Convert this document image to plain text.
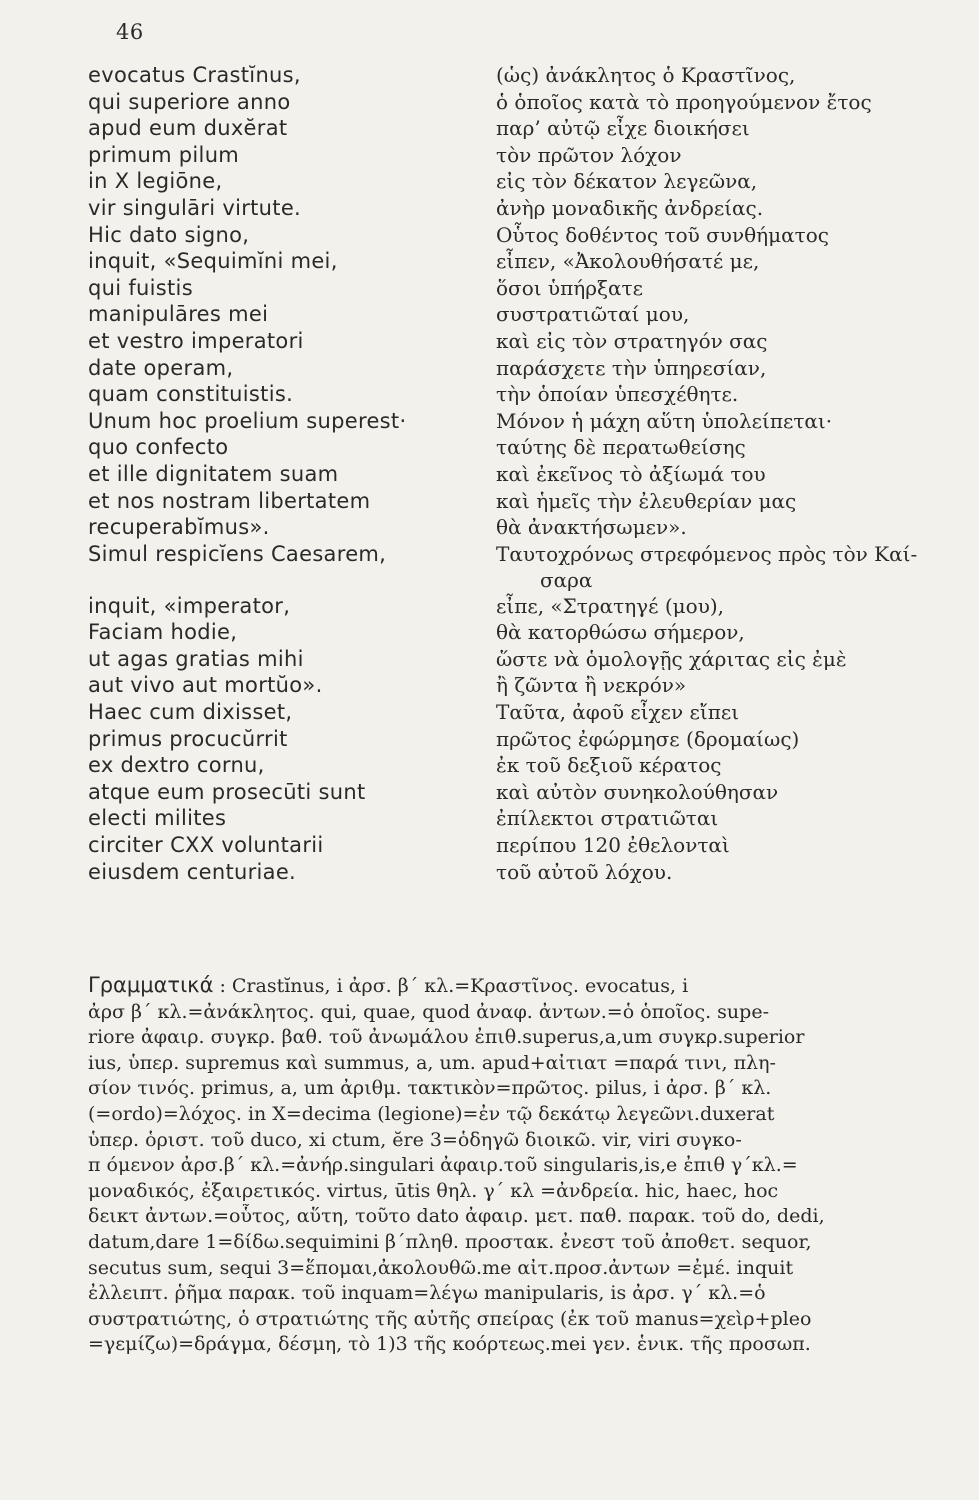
46
evocatus Crastĭnus,	(ὡς) ἀνάκλητος ὁ Κραστῖνος,
qui superiore anno	ὁ ὁποῖος κατὰ τὸ προηγούμενον ἔτος
apud eum duxĕrat	παρ’ αὐτῷ εἶχε διοικήσει
primum pilum	τὸν πρῶτον λόχον
in X legiōne,	εἰς τὸν δέκατον λεγεῶνα,
vir singulāri virtute.	ἀνὴρ μοναδικῆς ἀνδρείας.
Hic dato signo,	Οὗτος δοθέντος τοῦ συνθήματος
inquit, «Sequimĭni mei,	εἶπεν, «Ἀκολουθήσατέ με,
qui fuistis	ὅσοι ὑπήρξατε
manipulāres mei	συστρατιῶταί μου,
et vestro imperatori	καὶ εἰς τὸν στρατηγόν σας
date operam,	παράσχετε τὴν ὑπηρεσίαν,
quam constituistis.	τὴν ὁποίαν ὑπεσχέθητε.
Unum hoc proelium superest·	Μόνον ἡ μάχη αὕτη ὑπολείπεται·
quo confecto	ταύτης δὲ περατωθείσης
et ille dignitatem suam	καὶ ἐκεῖνος τὸ ἀξίωμά του
et nos nostram libertatem	καὶ ἡμεῖς τὴν ἐλευθερίαν μας
recuperabĭmus».	θὰ ἀνακτήσωμεν».
Simul respicĭens Caesarem,	Ταυτοχρόνως στρεφόμενος πρὸς τὸν Καί-
σαρα
inquit, «imperator,	εἶπε, «Στρατηγέ (μου),
Faciam hodie,	θὰ κατορθώσω σήμερον,
ut agas gratias mihi	ὥστε νὰ ὁμολογῇς χάριτας εἰς ἐμὲ
aut vivo aut mortŭo».	ἢ ζῶντα ἢ νεκρόν»
Haec cum dixisset,	Ταῦτα, ἀφοῦ εἶχεν εἴπει
primus procucŭrrit	πρῶτος ἐφώρμησε (δρομαίως)
ex dextro cornu,	ἐκ τοῦ δεξιοῦ κέρατος
atque eum prosecūti sunt	καὶ αὐτὸν συνηκολούθησαν
electi milites	ἐπίλεκτοι στρατιῶται
circiter CXX voluntarii	περίπου 120 ἐθελονταὶ
eiusdem centuriae.	τοῦ αὐτοῦ λόχου.
Γραμματικά : Crastĭnus, i ἀρσ. β΄ κλ.=Κραστῖνος. evocatus, i
ἀρσ β΄ κλ.=ἀνάκλητος. qui, quae, quod ἀναφ. ἀντων.=ὁ ὁποῖος. supe-
riore ἀφαιρ. συγκρ. βαθ. τοῦ ἀνωμάλου ἐπιθ.superus,a,um συγκρ.superior
ius, ὑπερ. supremus καὶ summus, a, um. apud+αἰτιατ =παρά τινι, πλη-
σίον τινός. primus, a, um ἀριθμ. τακτικὸν=πρῶτος. pilus, i ἀρσ. β΄ κλ.
(=ordo)=λόχος. in X=decima (legione)=ἐν τῷ δεκάτῳ λεγεῶνι.duxerat
ὑπερ. ὁριστ. τοῦ duco, xi ctum, ĕre 3=ὁδηγῶ διοικῶ. vir, viri συγκο-
π όμενον ἀρσ.β΄ κλ.=ἀνήρ.singulari ἀφαιρ.τοῦ singularis,is,e ἐπιθ γ΄κλ.=
μοναδικός, ἐξαιρετικός. virtus, ūtis θηλ. γ΄ κλ =ἀνδρεία. hic, haec, hoc
δεικτ ἀντων.=οὗτος, αὕτη, τοῦτο dato ἀφαιρ. μετ. παθ. παρακ. τοῦ do, dedi,
datum,dare 1=δίδω.sequimini β΄πληθ. προστακ. ἐνεστ τοῦ ἀποθετ. sequor,
secutus sum, sequi 3=ἕπομαι,ἀκολουθῶ.me αἰτ.προσ.ἀντων =ἐμέ. inquit
ἐλλειπτ. ῥῆμα παρακ. τοῦ inquam=λέγω manipularis, is ἀρσ. γ΄ κλ.=ὁ
συστρατιώτης, ὁ στρατιώτης τῆς αὐτῆς σπείρας (ἐκ τοῦ manus=χεὶρ+pleo
=γεμίζω)=δράγμα, δέσμη, τὸ 1)3 τῆς κοόρτεως.mei γεν. ἑνικ. τῆς προσωπ.
